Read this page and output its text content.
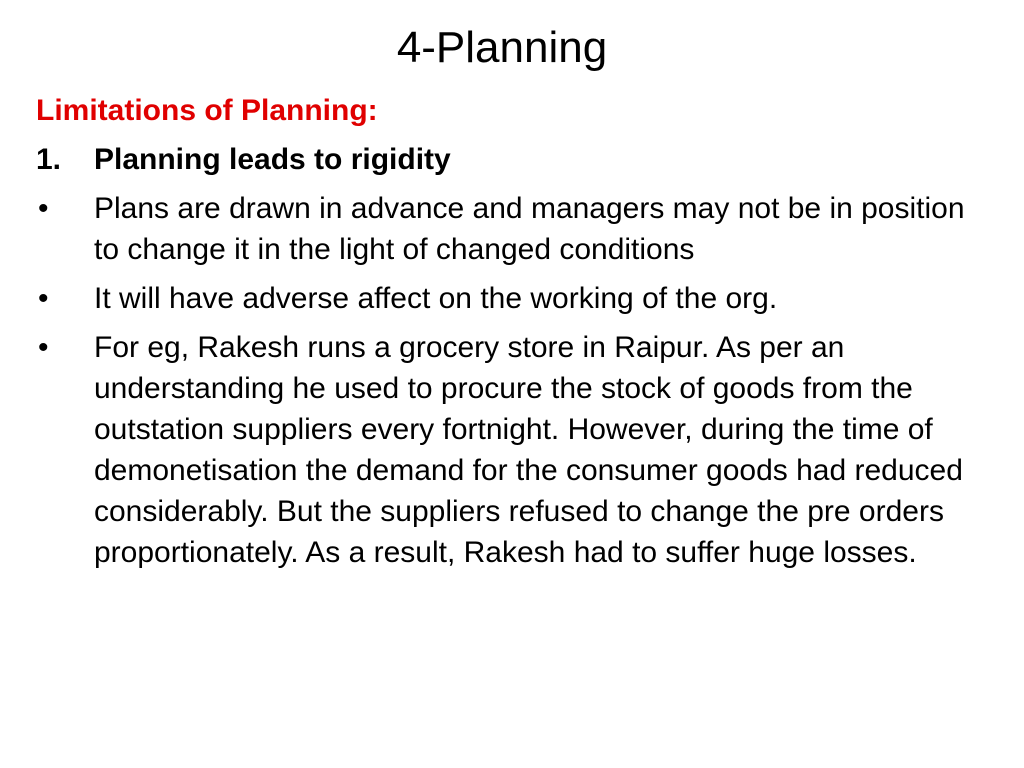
4-Planning
Limitations of Planning:
1.	Planning leads to rigidity
•	Plans are drawn in advance and managers may not be in position to change it in the light of changed conditions
•	It will have adverse affect on the working of the org.
•	For eg, Rakesh runs a grocery store in Raipur. As per an understanding he used to procure the stock of goods from the outstation suppliers every fortnight. However, during the time of demonetisation the demand for the consumer goods had reduced considerably. But the suppliers refused to change the pre orders proportionately. As a result, Rakesh had to suffer huge losses.
